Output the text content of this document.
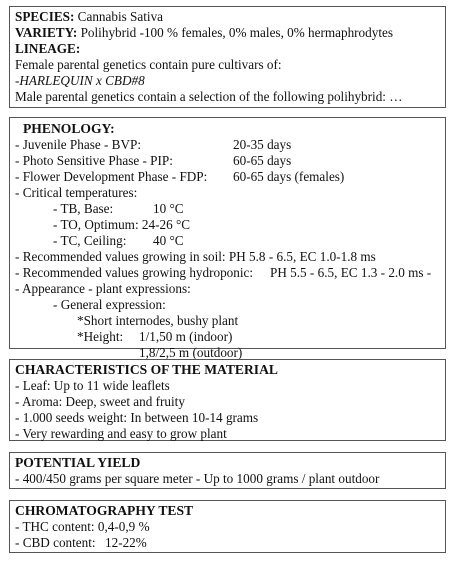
SPECIES: Cannabis Sativa
VARIETY: Polihybrid -100 % females, 0% males, 0% hermaphrodytes
LINEAGE:
Female parental genetics contain pure cultivars of:
-HARLEQUIN x CBD#8
Male parental genetics contain a selection of the following polihybrid: …
PHENOLOGY:
- Juvenile Phase - BVP:	20-35 days
- Photo Sensitive Phase - PIP:	60-65 days
- Flower Development Phase - FDP: 60-65 days (females)
- Critical temperatures:
- TB, Base:	10 °C
- TO, Optimum: 24-26 °C
- TC, Ceiling: 40 °C
- Recommended values growing in soil: PH 5.8 - 6.5, EC 1.0-1.8 ms
- Recommended values growing hydroponic: PH 5.5 - 6.5, EC 1.3 - 2.0 ms -
- Appearance - plant expressions:
- General expression:
*Short internodes, bushy plant
*Height: 1/1,50 m (indoor)
1,8/2,5 m (outdoor)
CHARACTERISTICS OF THE MATERIAL
- Leaf: Up to 11 wide leaflets
- Aroma: Deep, sweet and fruity
- 1.000 seeds weight: In between 10-14 grams
- Very rewarding and easy to grow plant
POTENTIAL YIELD
- 400/450 grams per square meter - Up to 1000 grams / plant outdoor
CHROMATOGRAPHY TEST
- THC content: 0,4-0,9 %
- CBD content: 12-22%
